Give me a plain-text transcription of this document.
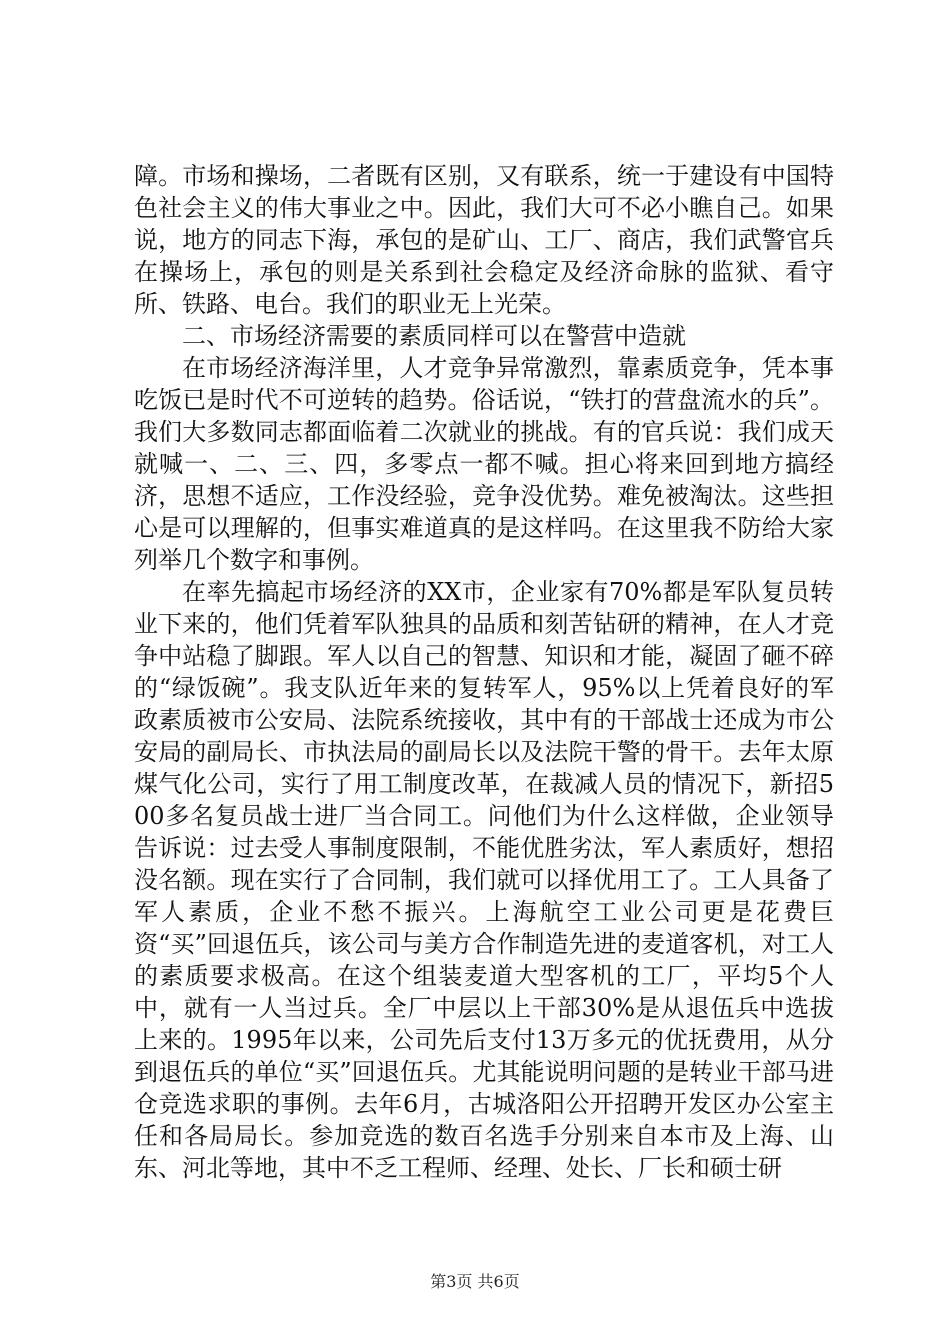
障。市场和操场，二者既有区别，又有联系，统一于建设有中国特色社会主义的伟大事业之中。因此，我们大可不必小瞧自己。如果说，地方的同志下海，承包的是矿山、工厂、商店，我们武警官兵在操场上，承包的则是关系到社会稳定及经济命脉的监狱、看守所、铁路、电台。我们的职业无上光荣。

二、市场经济需要的素质同样可以在警营中造就

在市场经济海洋里，人才竞争异常激烈，靠素质竞争，凭本事吃饭已是时代不可逆转的趋势。俗话说，“铁打的营盘流水的兵”。我们大多数同志都面临着二次就业的挑战。有的官兵说：我们成天就喊一、二、三、四，多零点一都不喊。担心将来回到地方搞经济，思想不适应，工作没经验，竞争没优势。难免被淘汰。这些担心是可以理解的，但事实难道真的是这样吗。在这里我不防给大家列举几个数字和事例。

在率先搞起市场经济的XX市，企业家有70%都是军队复员转业下来的，他们凭着军队独具的品质和刻苦钻研的精神，在人才竞争中站稳了脚跟。军人以自己的智慧、知识和才能，凝固了砸不碎的“绿饭碗”。我支队近年来的复转军人，95%以上凭着良好的军政素质被市公安局、法院系统接收，其中有的干部战士还成为市公安局的副局长、市执法局的副局长以及法院干警的骨干。去年太原煤气化公司，实行了用工制度改革，在裁减人员的情况下，新招500多名复员战士进厂当合同工。问他们为什么这样做，企业领导告诉说：过去受人事制度限制，不能优胜劣汰，军人素质好，想招没名额。现在实行了合同制，我们就可以择优用工了。工人具备了军人素质，企业不愁不振兴。上海航空工业公司更是花费巨资“买”回退伍兵，该公司与美方合作制造先进的麦道客机，对工人的素质要求极高。在这个组装麦道大型客机的工厂，平均5个人中，就有一人当过兵。全厂中层以上干部30%是从退伍兵中选拔上来的。1995年以来，公司先后支付13万多元的优抚费用，从分到退伍兵的单位“买”回退伍兵。尤其能说明问题的是转业干部马进仓竞选求职的事例。去年6月，古城洛阳公开招聘开发区办公室主任和各局局长。参加竞选的数百名选手分别来自本市及上海、山东、河北等地，其中不乏工程师、经理、处长、厂长和硕士研

第3页 共6页
